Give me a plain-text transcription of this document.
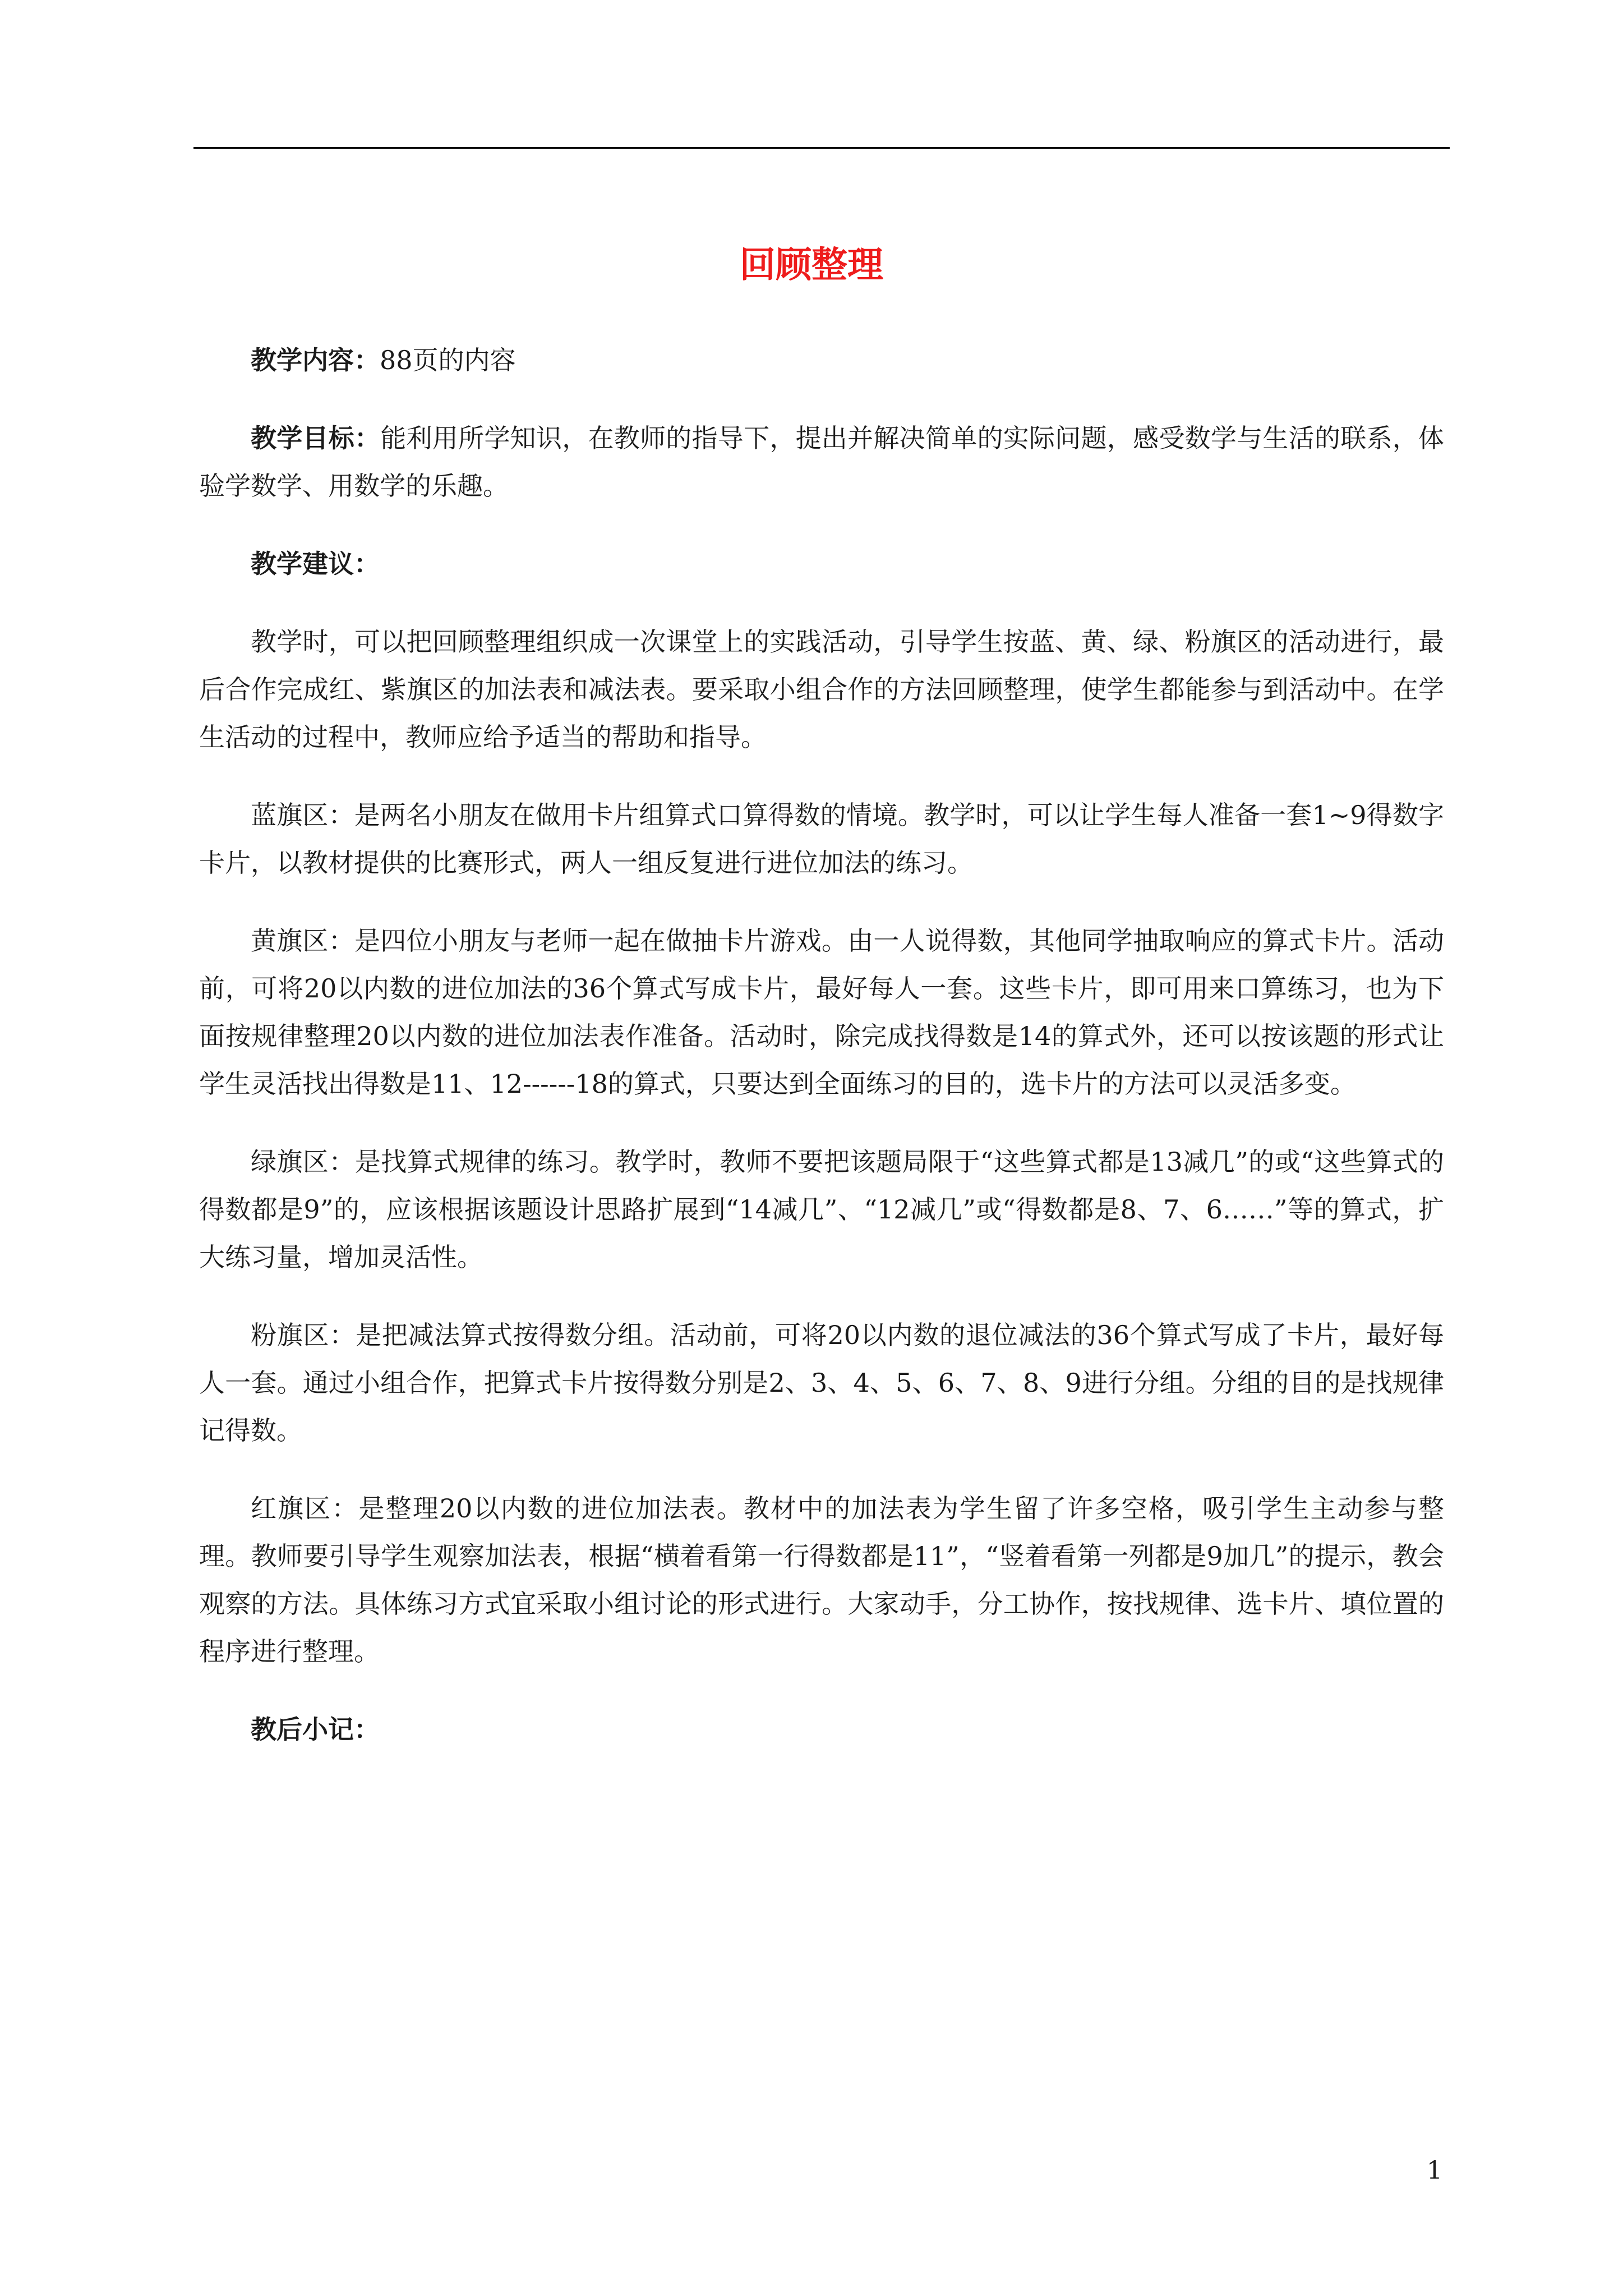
回顾整理

教学内容：88页的内容

教学目标：能利用所学知识，在教师的指导下，提出并解决简单的实际问题，感受数学与生活的联系，体验学数学、用数学的乐趣。

教学建议：

教学时，可以把回顾整理组织成一次课堂上的实践活动，引导学生按蓝、黄、绿、粉旗区的活动进行，最后合作完成红、紫旗区的加法表和减法表。要采取小组合作的方法回顾整理，使学生都能参与到活动中。在学生活动的过程中，教师应给予适当的帮助和指导。

蓝旗区：是两名小朋友在做用卡片组算式口算得数的情境。教学时，可以让学生每人准备一套1~9得数字卡片，以教材提供的比赛形式，两人一组反复进行进位加法的练习。

黄旗区：是四位小朋友与老师一起在做抽卡片游戏。由一人说得数，其他同学抽取响应的算式卡片。活动前，可将20以内数的进位加法的36个算式写成卡片，最好每人一套。这些卡片，即可用来口算练习，也为下面按规律整理20以内数的进位加法表作准备。活动时，除完成找得数是14的算式外，还可以按该题的形式让学生灵活找出得数是11、12------18的算式，只要达到全面练习的目的，选卡片的方法可以灵活多变。

绿旗区：是找算式规律的练习。教学时，教师不要把该题局限于“这些算式都是13减几”的或“这些算式的得数都是9”的，应该根据该题设计思路扩展到“14减几”、“12减几”或“得数都是8、7、6……”等的算式，扩大练习量，增加灵活性。

粉旗区：是把减法算式按得数分组。活动前，可将20以内数的退位减法的36个算式写成了卡片，最好每人一套。通过小组合作，把算式卡片按得数分别是2、3、4、5、6、7、8、9进行分组。分组的目的是找规律记得数。

红旗区：是整理20以内数的进位加法表。教材中的加法表为学生留了许多空格，吸引学生主动参与整理。教师要引导学生观察加法表，根据“横着看第一行得数都是11”，“竖着看第一列都是9加几”的提示，教会观察的方法。具体练习方式宜采取小组讨论的形式进行。大家动手，分工协作，按找规律、选卡片、填位置的程序进行整理。

教后小记：

1
